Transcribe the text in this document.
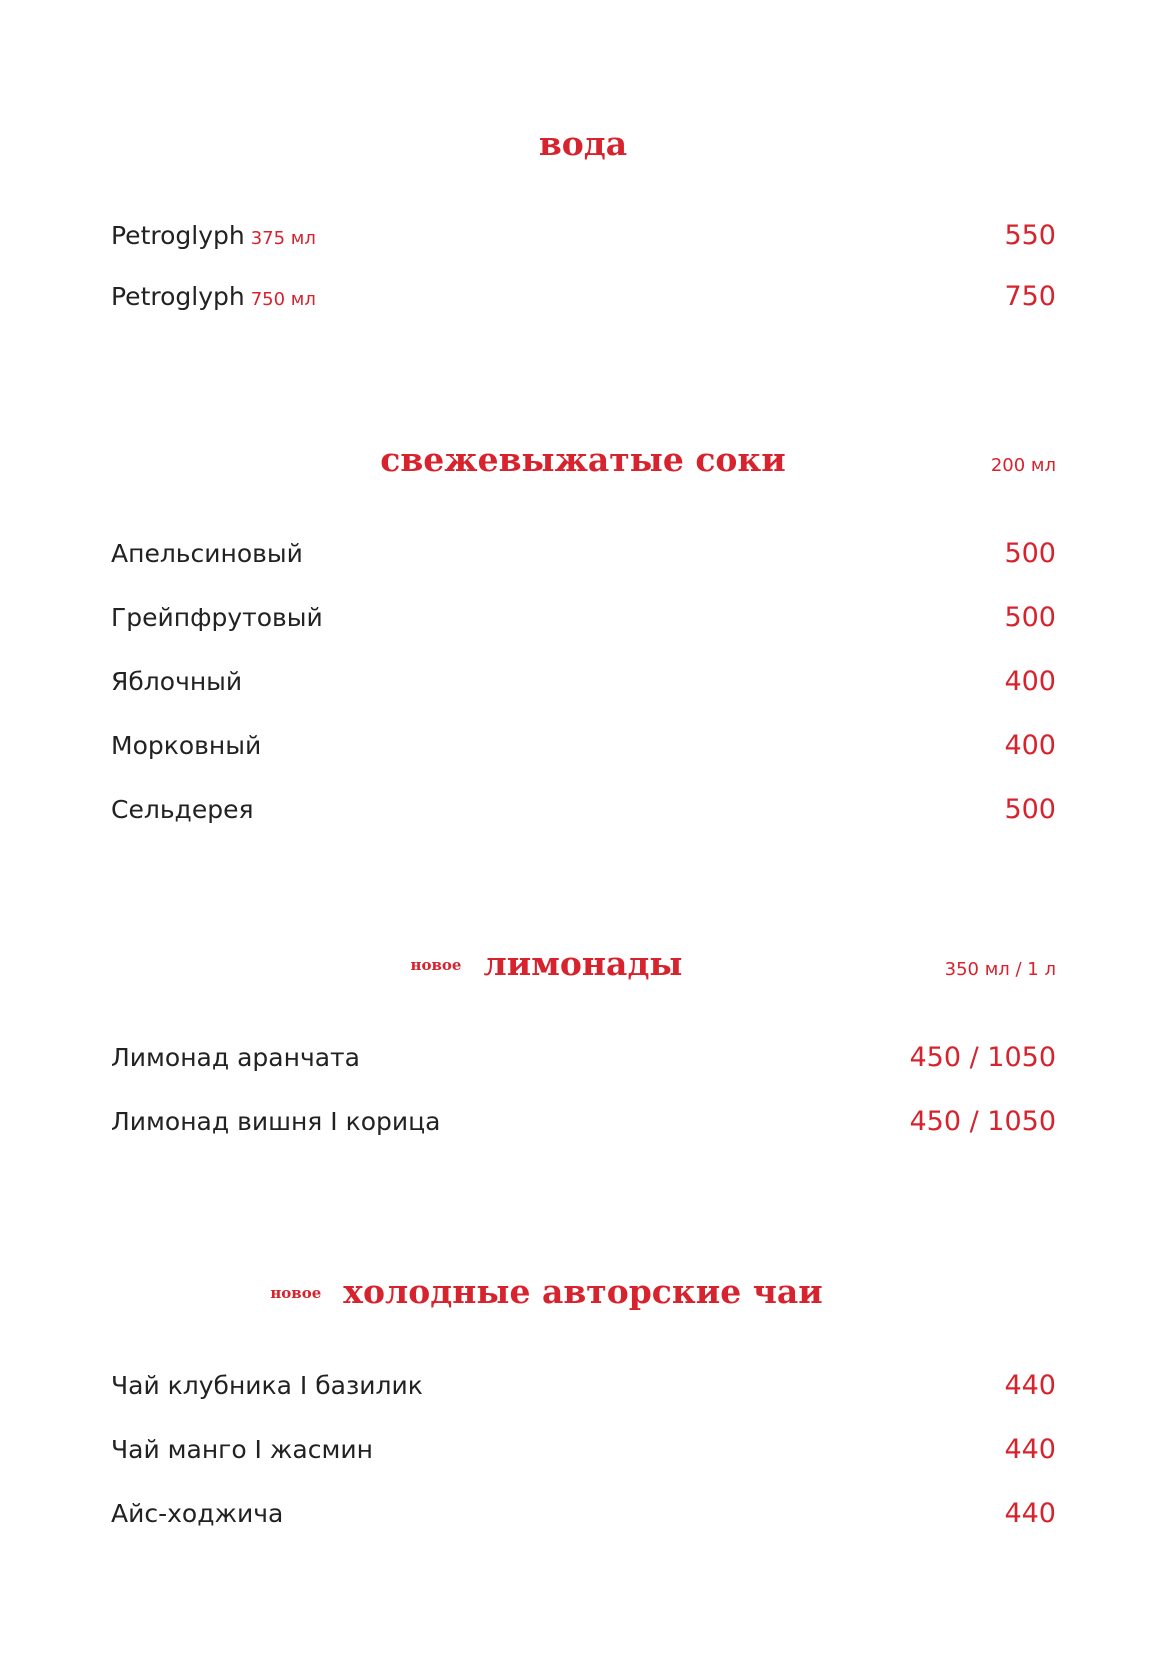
вода
Petroglyph 375 мл	550
Petroglyph 750 мл	750
свежевыжатые соки	200 мл
Апельсиновый	500
Грейпфрутовый	500
Яблочный	400
Морковный	400
Сельдерея	500
новое лимонады	350 мл / 1 л
Лимонад аранчата	450 / 1050
Лимонад вишня I корица	450 / 1050
новое холодные авторские чаи
Чай клубника I базилик	440
Чай манго I жасмин	440
Айс-ходжича	440
